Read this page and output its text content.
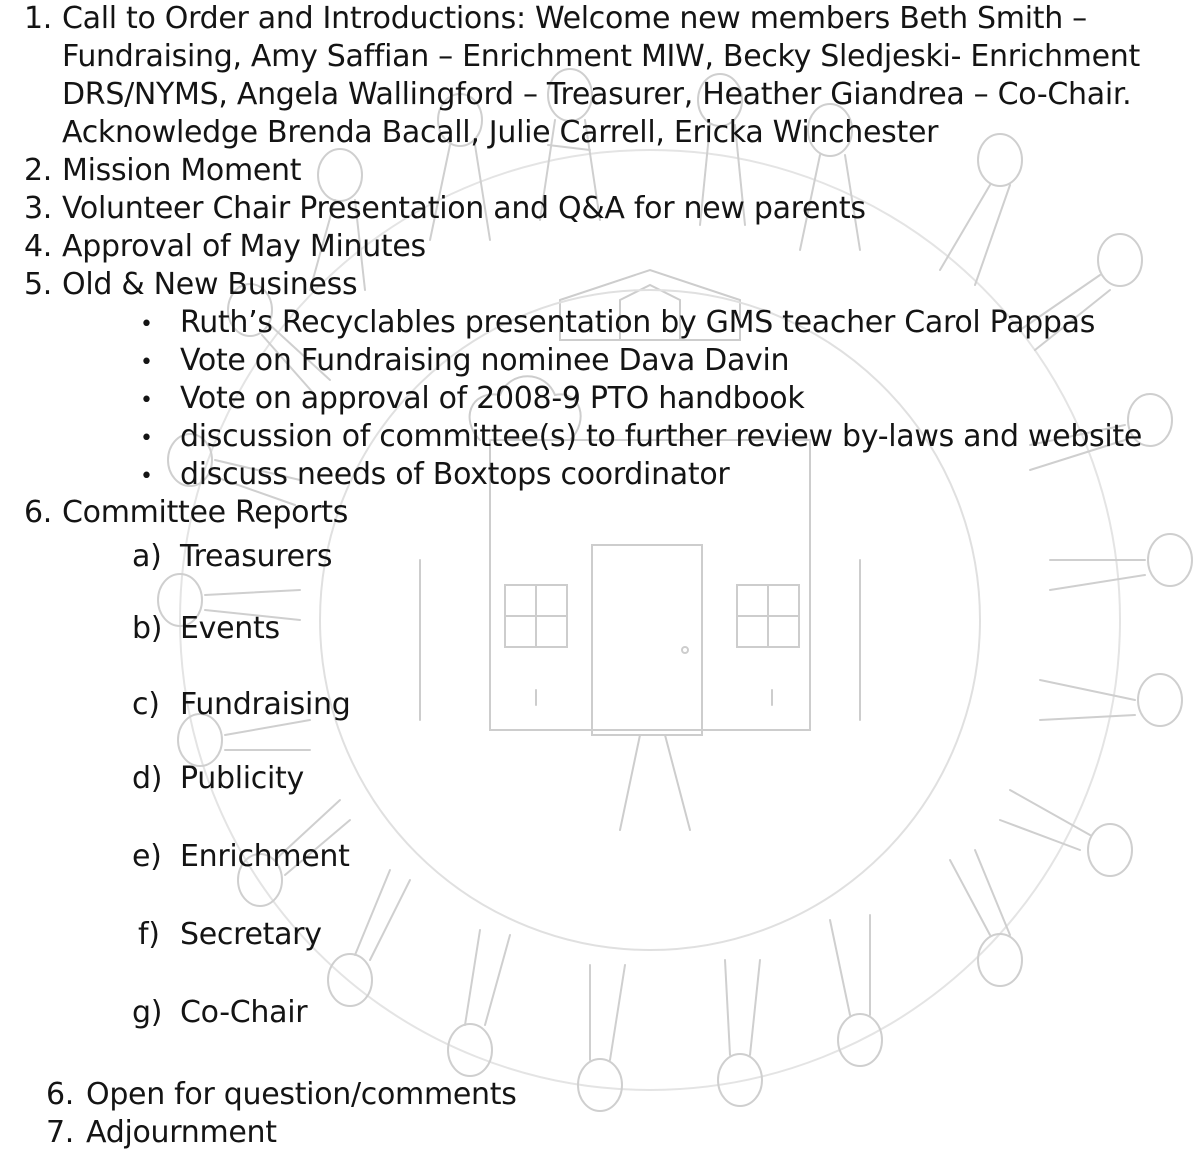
1. Call to Order and Introductions: Welcome new members Beth Smith –
Fundraising, Amy Saffian – Enrichment MIW, Becky Sledjeski- Enrichment
DRS/NYMS, Angela Wallingford – Treasurer, Heather Giandrea – Co-Chair.
Acknowledge Brenda Bacall, Julie Carrell, Ericka Winchester
2. Mission Moment
3. Volunteer Chair Presentation and Q&A for new parents
4. Approval of May Minutes
5. Old & New Business
• Ruth’s Recyclables presentation by GMS teacher Carol Pappas
• Vote on Fundraising nominee Dava Davin
• Vote on approval of 2008-9 PTO handbook
• discussion of committee(s) to further review by-laws and website
• discuss needs of Boxtops coordinator
6. Committee Reports
a) Treasurers
b) Events
c) Fundraising
d) Publicity
e) Enrichment
f) Secretary
g) Co-Chair
6. Open for question/comments
7. Adjournment
